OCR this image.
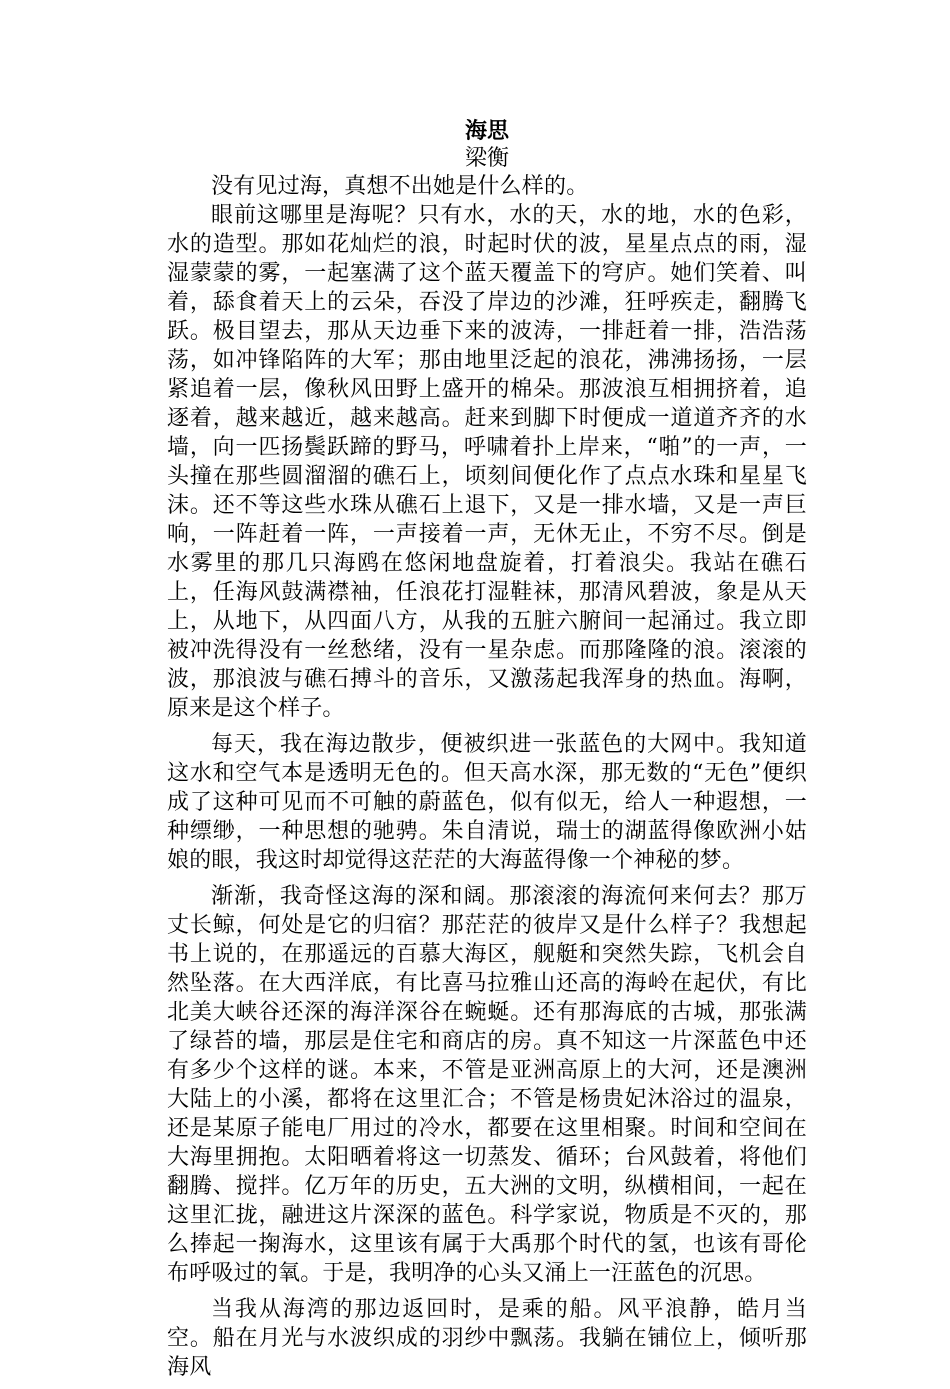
海思
梁衡

没有见过海，真想不出她是什么样的。

眼前这哪里是海呢？只有水，水的天，水的地，水的色彩，水的造型。那如花灿烂的浪，时起时伏的波，星星点点的雨，湿湿蒙蒙的雾，一起塞满了这个蓝天覆盖下的穹庐。她们笑着、叫着，舔食着天上的云朵，吞没了岸边的沙滩，狂呼疾走，翻腾飞跃。极目望去，那从天边垂下来的波涛，一排赶着一排，浩浩荡荡，如冲锋陷阵的大军；那由地里泛起的浪花，沸沸扬扬，一层紧追着一层，像秋风田野上盛开的棉朵。那波浪互相拥挤着，追逐着，越来越近，越来越高。赶来到脚下时便成一道道齐齐的水墙，向一匹扬鬓跃蹄的野马，呼啸着扑上岸来，“啪”的一声，一头撞在那些圆溜溜的礁石上，顷刻间便化作了点点水珠和星星飞沫。还不等这些水珠从礁石上退下，又是一排水墙，又是一声巨响，一阵赶着一阵，一声接着一声，无休无止，不穷不尽。倒是水雾里的那几只海鸥在悠闲地盘旋着，打着浪尖。我站在礁石上，任海风鼓满襟袖，任浪花打湿鞋袜，那清风碧波，象是从天上，从地下，从四面八方，从我的五脏六腑间一起涌过。我立即被冲洗得没有一丝愁绪，没有一星杂虑。而那隆隆的浪。滚滚的波，那浪波与礁石搏斗的音乐，又激荡起我浑身的热血。海啊，原来是这个样子。

每天，我在海边散步，便被织进一张蓝色的大网中。我知道这水和空气本是透明无色的。但天高水深，那无数的“无色”便织成了这种可见而不可触的蔚蓝色，似有似无，给人一种遐想，一种缥缈，一种思想的驰骋。朱自清说，瑞士的湖蓝得像欧洲小姑娘的眼，我这时却觉得这茫茫的大海蓝得像一个神秘的梦。

渐渐，我奇怪这海的深和阔。那滚滚的海流何来何去？那万丈长鲸，何处是它的归宿？那茫茫的彼岸又是什么样子？我想起书上说的，在那遥远的百慕大海区，舰艇和突然失踪，飞机会自然坠落。在大西洋底，有比喜马拉雅山还高的海岭在起伏，有比北美大峡谷还深的海洋深谷在蜿蜒。还有那海底的古城，那张满了绿苔的墙，那层是住宅和商店的房。真不知这一片深蓝色中还有多少个这样的谜。本来，不管是亚洲高原上的大河，还是澳洲大陆上的小溪，都将在这里汇合；不管是杨贵妃沐浴过的温泉，还是某原子能电厂用过的冷水，都要在这里相聚。时间和空间在大海里拥抱。太阳晒着将这一切蒸发、循环；台风鼓着，将他们翻腾、搅拌。亿万年的历史，五大洲的文明，纵横相间，一起在这里汇拢，融进这片深深的蓝色。科学家说，物质是不灭的，那么捧起一掬海水，这里该有属于大禹那个时代的氢，也该有哥伦布呼吸过的氧。于是，我明净的心头又涌上一汪蓝色的沉思。

当我从海湾的那边返回时，是乘的船。风平浪静，皓月当空。船在月光与水波织成的羽纱中飘荡。我躺在铺位上，倾听那海风
